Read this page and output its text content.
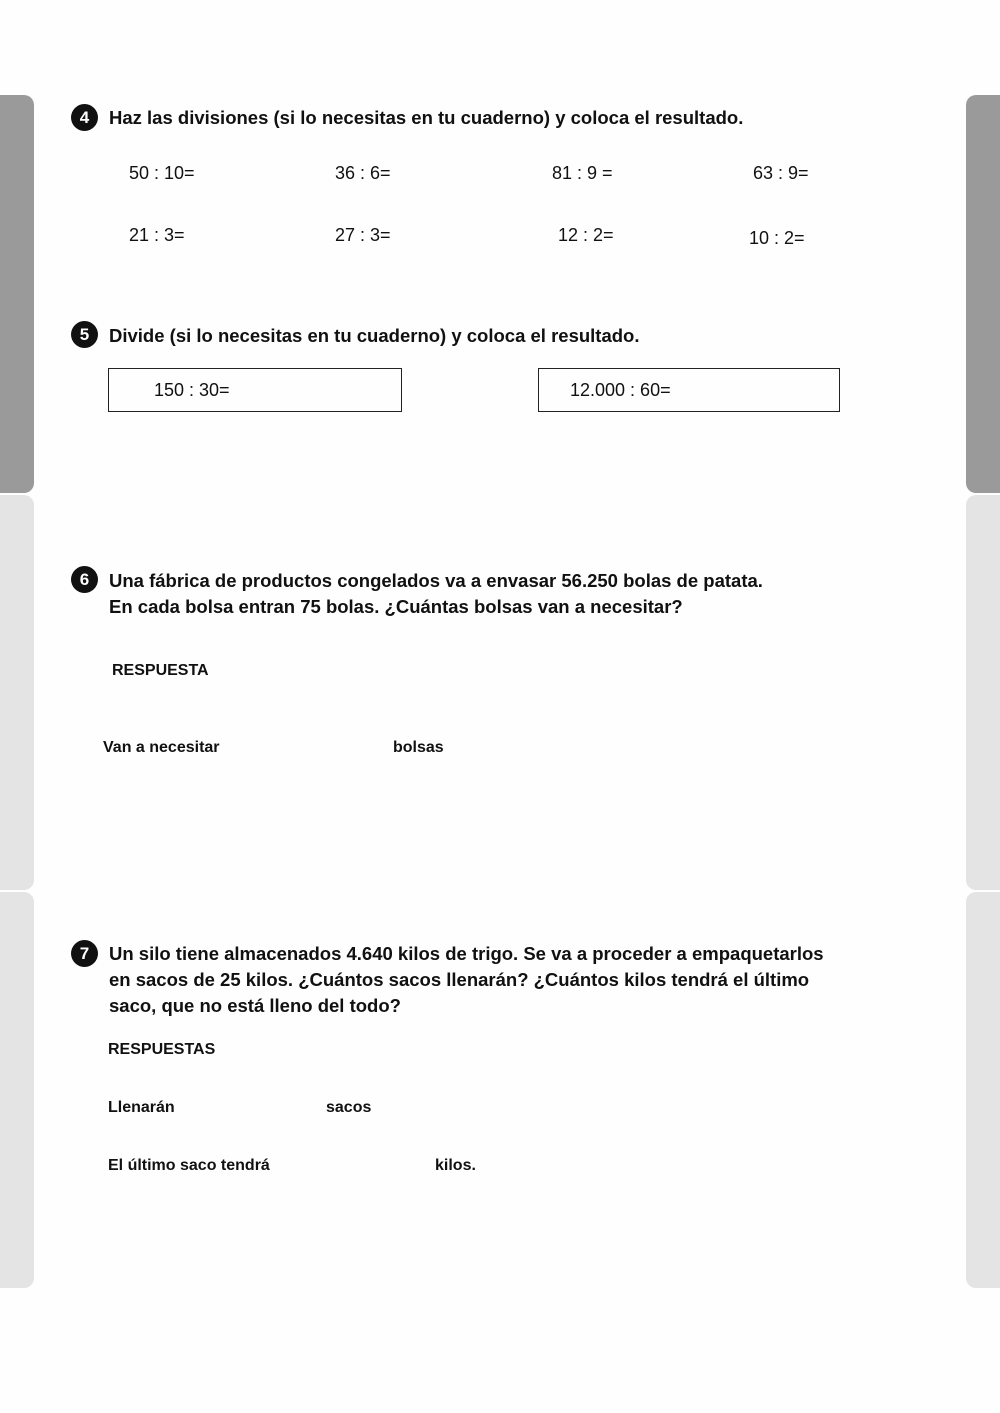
4	Haz las divisiones (si lo necesitas en tu cuaderno) y coloca el resultado.
50 : 10=	36 : 6=	81 : 9 =	63 : 9=
21 : 3=	27 : 3=	12 : 2=	10 : 2=
5	Divide (si lo necesitas en tu cuaderno) y coloca el resultado.
150 : 30=	12.000 : 60=
6	Una fábrica de productos congelados va a envasar 56.250 bolas de patata.
En cada bolsa entran 75 bolas. ¿Cuántas bolsas van a necesitar?
RESPUESTA
Van a necesitar	bolsas
7	Un silo tiene almacenados 4.640 kilos de trigo. Se va a proceder a empaquetarlos
en sacos de 25 kilos. ¿Cuántos sacos llenarán? ¿Cuántos kilos tendrá el último
saco, que no está lleno del todo?
RESPUESTAS
Llenarán	sacos
El último saco tendrá	kilos.
